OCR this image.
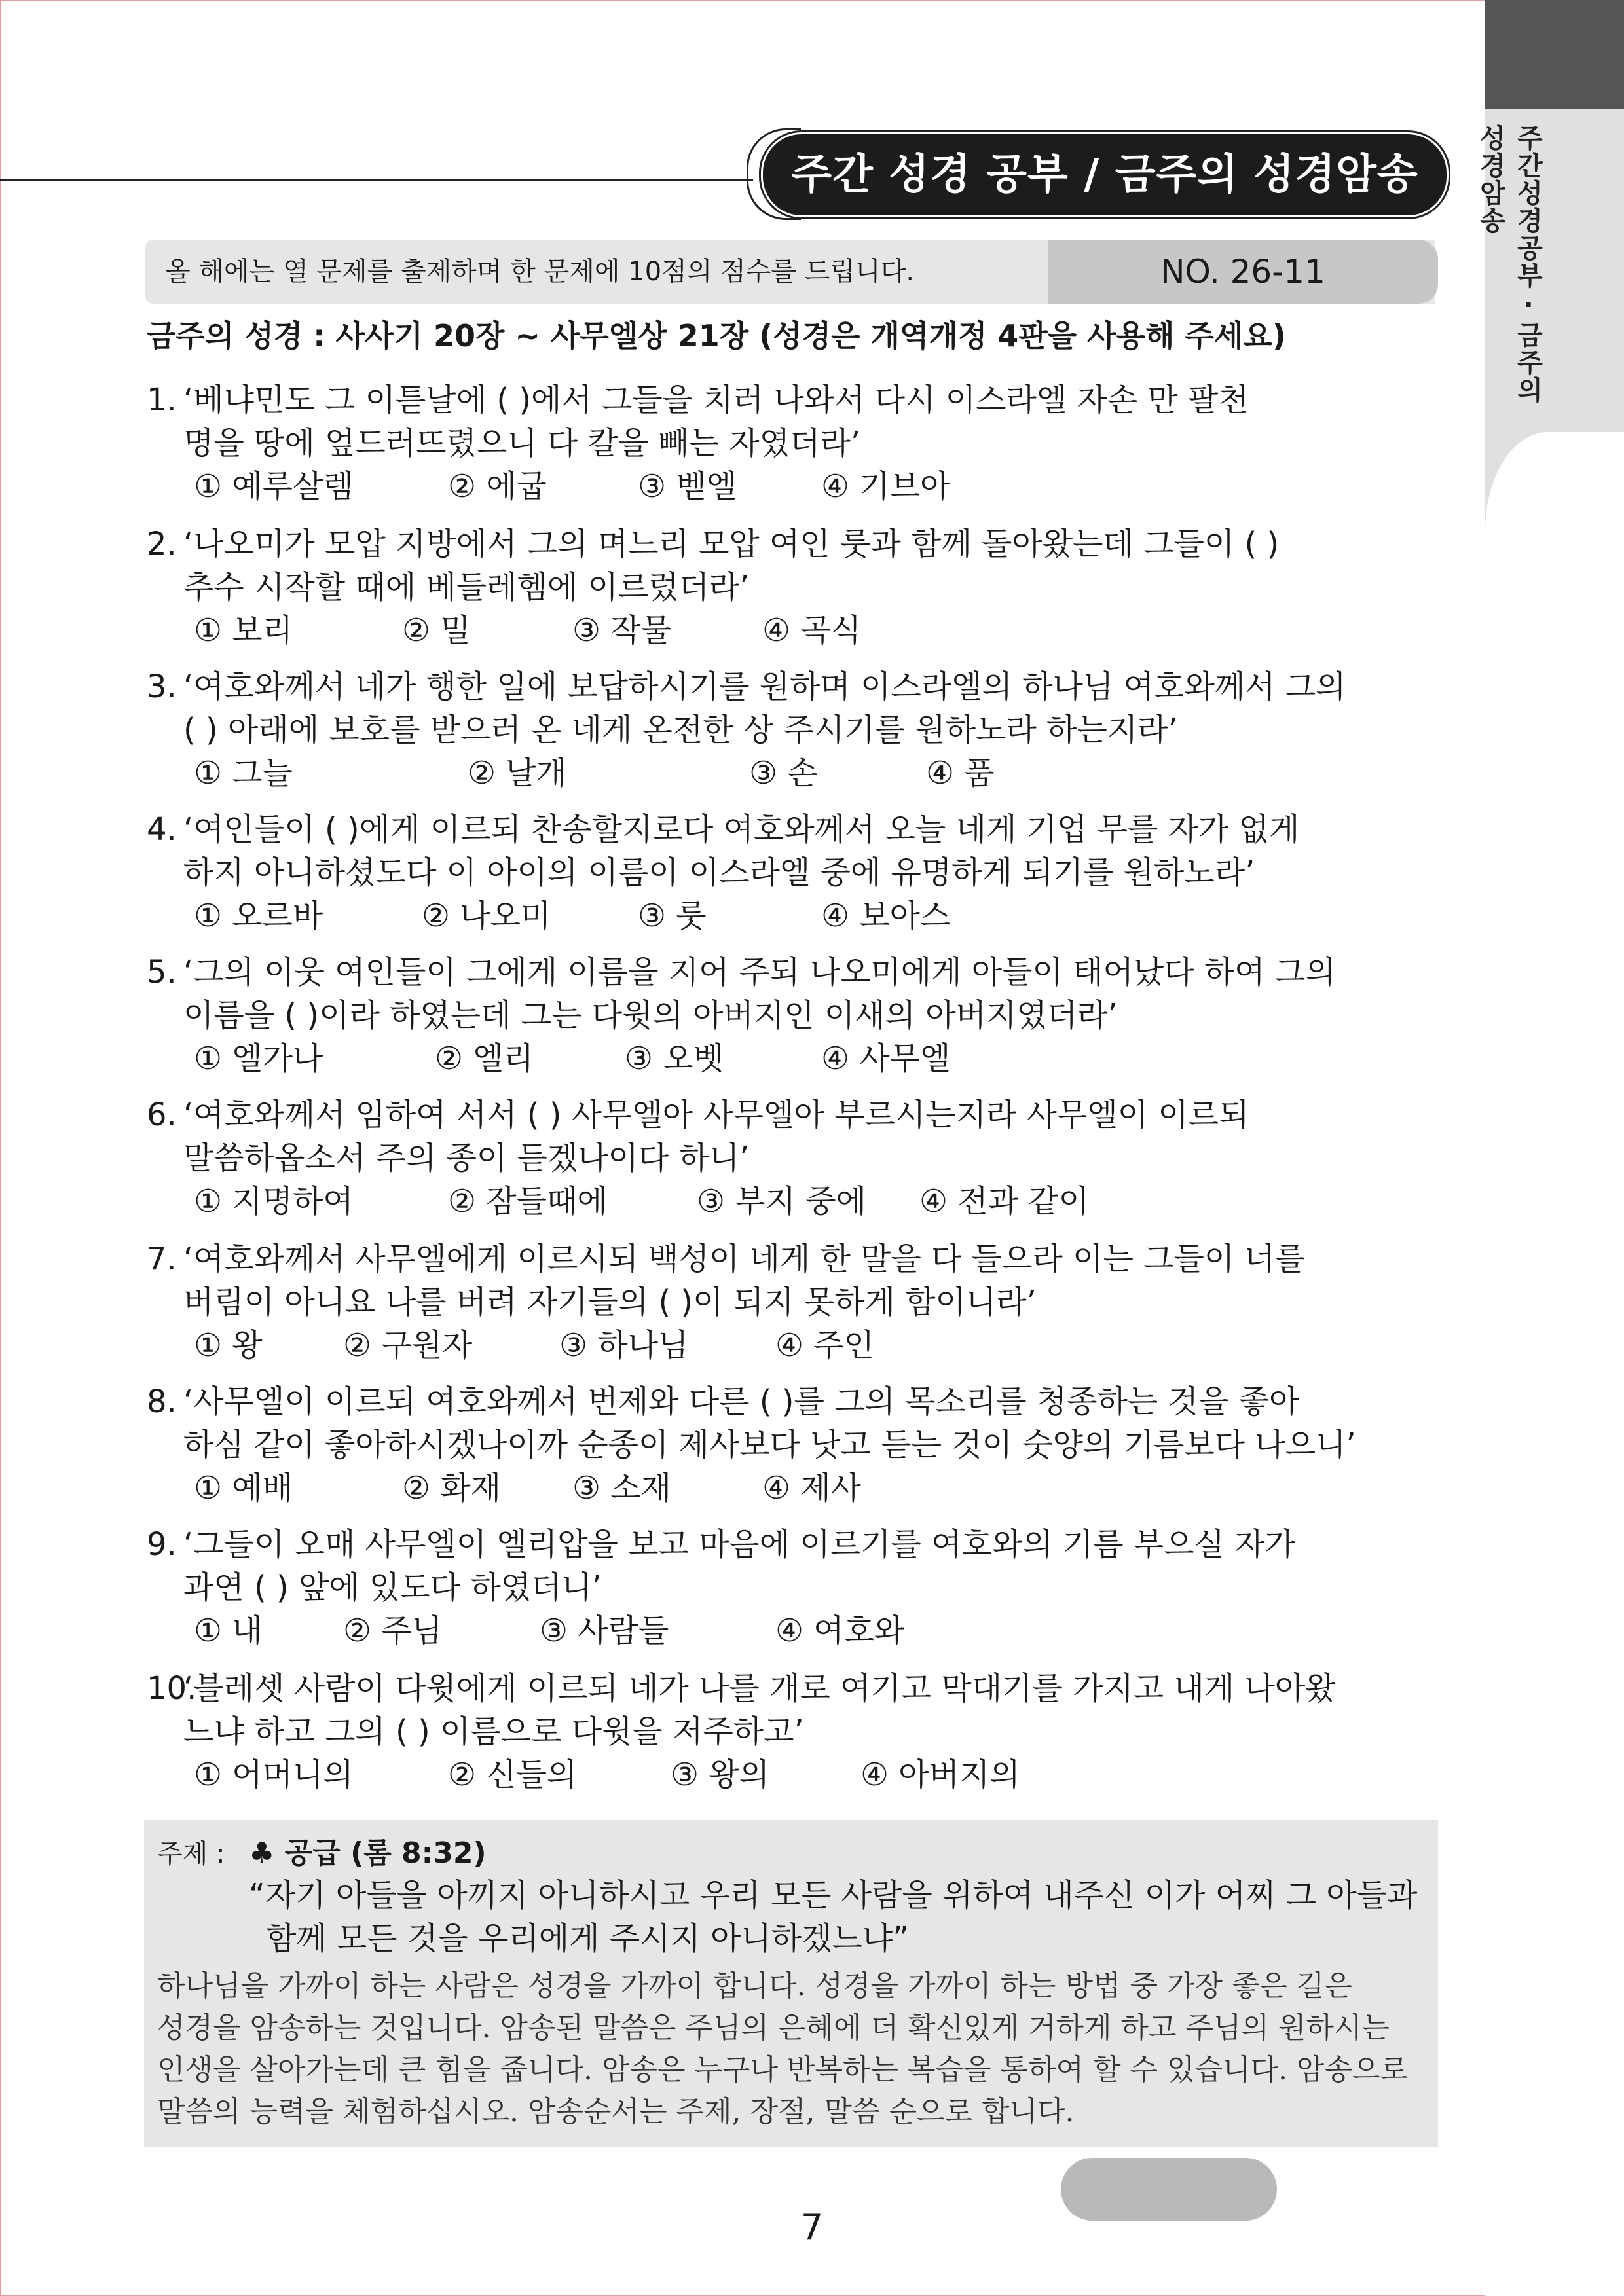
주간성경공부 · 금주의성경암송
주간 성경 공부 / 금주의 성경암송
올 해에는 열 문제를 출제하며 한 문제에 10점의 점수를 드립니다.	NO. 26-11
금주의 성경 : 사사기 20장 ~ 사무엘상 21장 (성경은 개역개정 4판을 사용해 주세요)
1. ‘베냐민도 그 이튿날에 ( )에서 그들을 치러 나와서 다시 이스라엘 자손 만 팔천
명을 땅에 엎드러뜨렸으니 다 칼을 빼는 자였더라’
① 예루살렘	② 에굽	③ 벧엘	④ 기브아
2. ‘나오미가 모압 지방에서 그의 며느리 모압 여인 룻과 함께 돌아왔는데 그들이 ( )
추수 시작할 때에 베들레헴에 이르렀더라’
① 보리	② 밀	③ 작물	④ 곡식
3. ‘여호와께서 네가 행한 일에 보답하시기를 원하며 이스라엘의 하나님 여호와께서 그의
( ) 아래에 보호를 받으러 온 네게 온전한 상 주시기를 원하노라 하는지라’
① 그늘	② 날개	③ 손	④ 품
4. ‘여인들이 ( )에게 이르되 찬송할지로다 여호와께서 오늘 네게 기업 무를 자가 없게
하지 아니하셨도다 이 아이의 이름이 이스라엘 중에 유명하게 되기를 원하노라’
① 오르바	② 나오미	③ 룻	④ 보아스
5. ‘그의 이웃 여인들이 그에게 이름을 지어 주되 나오미에게 아들이 태어났다 하여 그의
이름을 ( )이라 하였는데 그는 다윗의 아버지인 이새의 아버지였더라’
① 엘가나	② 엘리	③ 오벳	④ 사무엘
6. ‘여호와께서 임하여 서서 ( ) 사무엘아 사무엘아 부르시는지라 사무엘이 이르되
말씀하옵소서 주의 종이 듣겠나이다 하니’
① 지명하여	② 잠들때에	③ 부지 중에 ④ 전과 같이
7. ‘여호와께서 사무엘에게 이르시되 백성이 네게 한 말을 다 들으라 이는 그들이 너를
버림이 아니요 나를 버려 자기들의 ( )이 되지 못하게 함이니라’
① 왕	② 구원자	③ 하나님	④ 주인
8. ‘사무엘이 이르되 여호와께서 번제와 다른 ( )를 그의 목소리를 청종하는 것을 좋아
하심 같이 좋아하시겠나이까 순종이 제사보다 낫고 듣는 것이 숫양의 기름보다 나으니’
① 예배	② 화재 ③ 소재	④ 제사
9. ‘그들이 오매 사무엘이 엘리압을 보고 마음에 이르기를 여호와의 기름 부으실 자가
과연 ( ) 앞에 있도다 하였더니’
① 내	② 주님	③ 사람들	④ 여호와
10.
‘블레셋 사람이 다윗에게 이르되 네가 나를 개로 여기고 막대기를 가지고 내게 나아왔
느냐 하고 그의 ( ) 이름으로 다윗을 저주하고’
① 어머니의	② 신들의	③ 왕의	④ 아버지의
주제 : ♣ 공급 (롬 8:32)
“자기 아들을 아끼지 아니하시고 우리 모든 사람을 위하여 내주신 이가 어찌 그 아들과
함께 모든 것을 우리에게 주시지 아니하겠느냐”
하나님을 가까이 하는 사람은 성경을 가까이 합니다. 성경을 가까이 하는 방법 중 가장 좋은 길은
성경을 암송하는 것입니다. 암송된 말씀은 주님의 은혜에 더 확신있게 거하게 하고 주님의 원하시는
인생을 살아가는데 큰 힘을 줍니다. 암송은 누구나 반복하는 복습을 통하여 할 수 있습니다. 암송으로
말씀의 능력을 체험하십시오. 암송순서는 주제, 장절, 말씀 순으로 합니다.
7
